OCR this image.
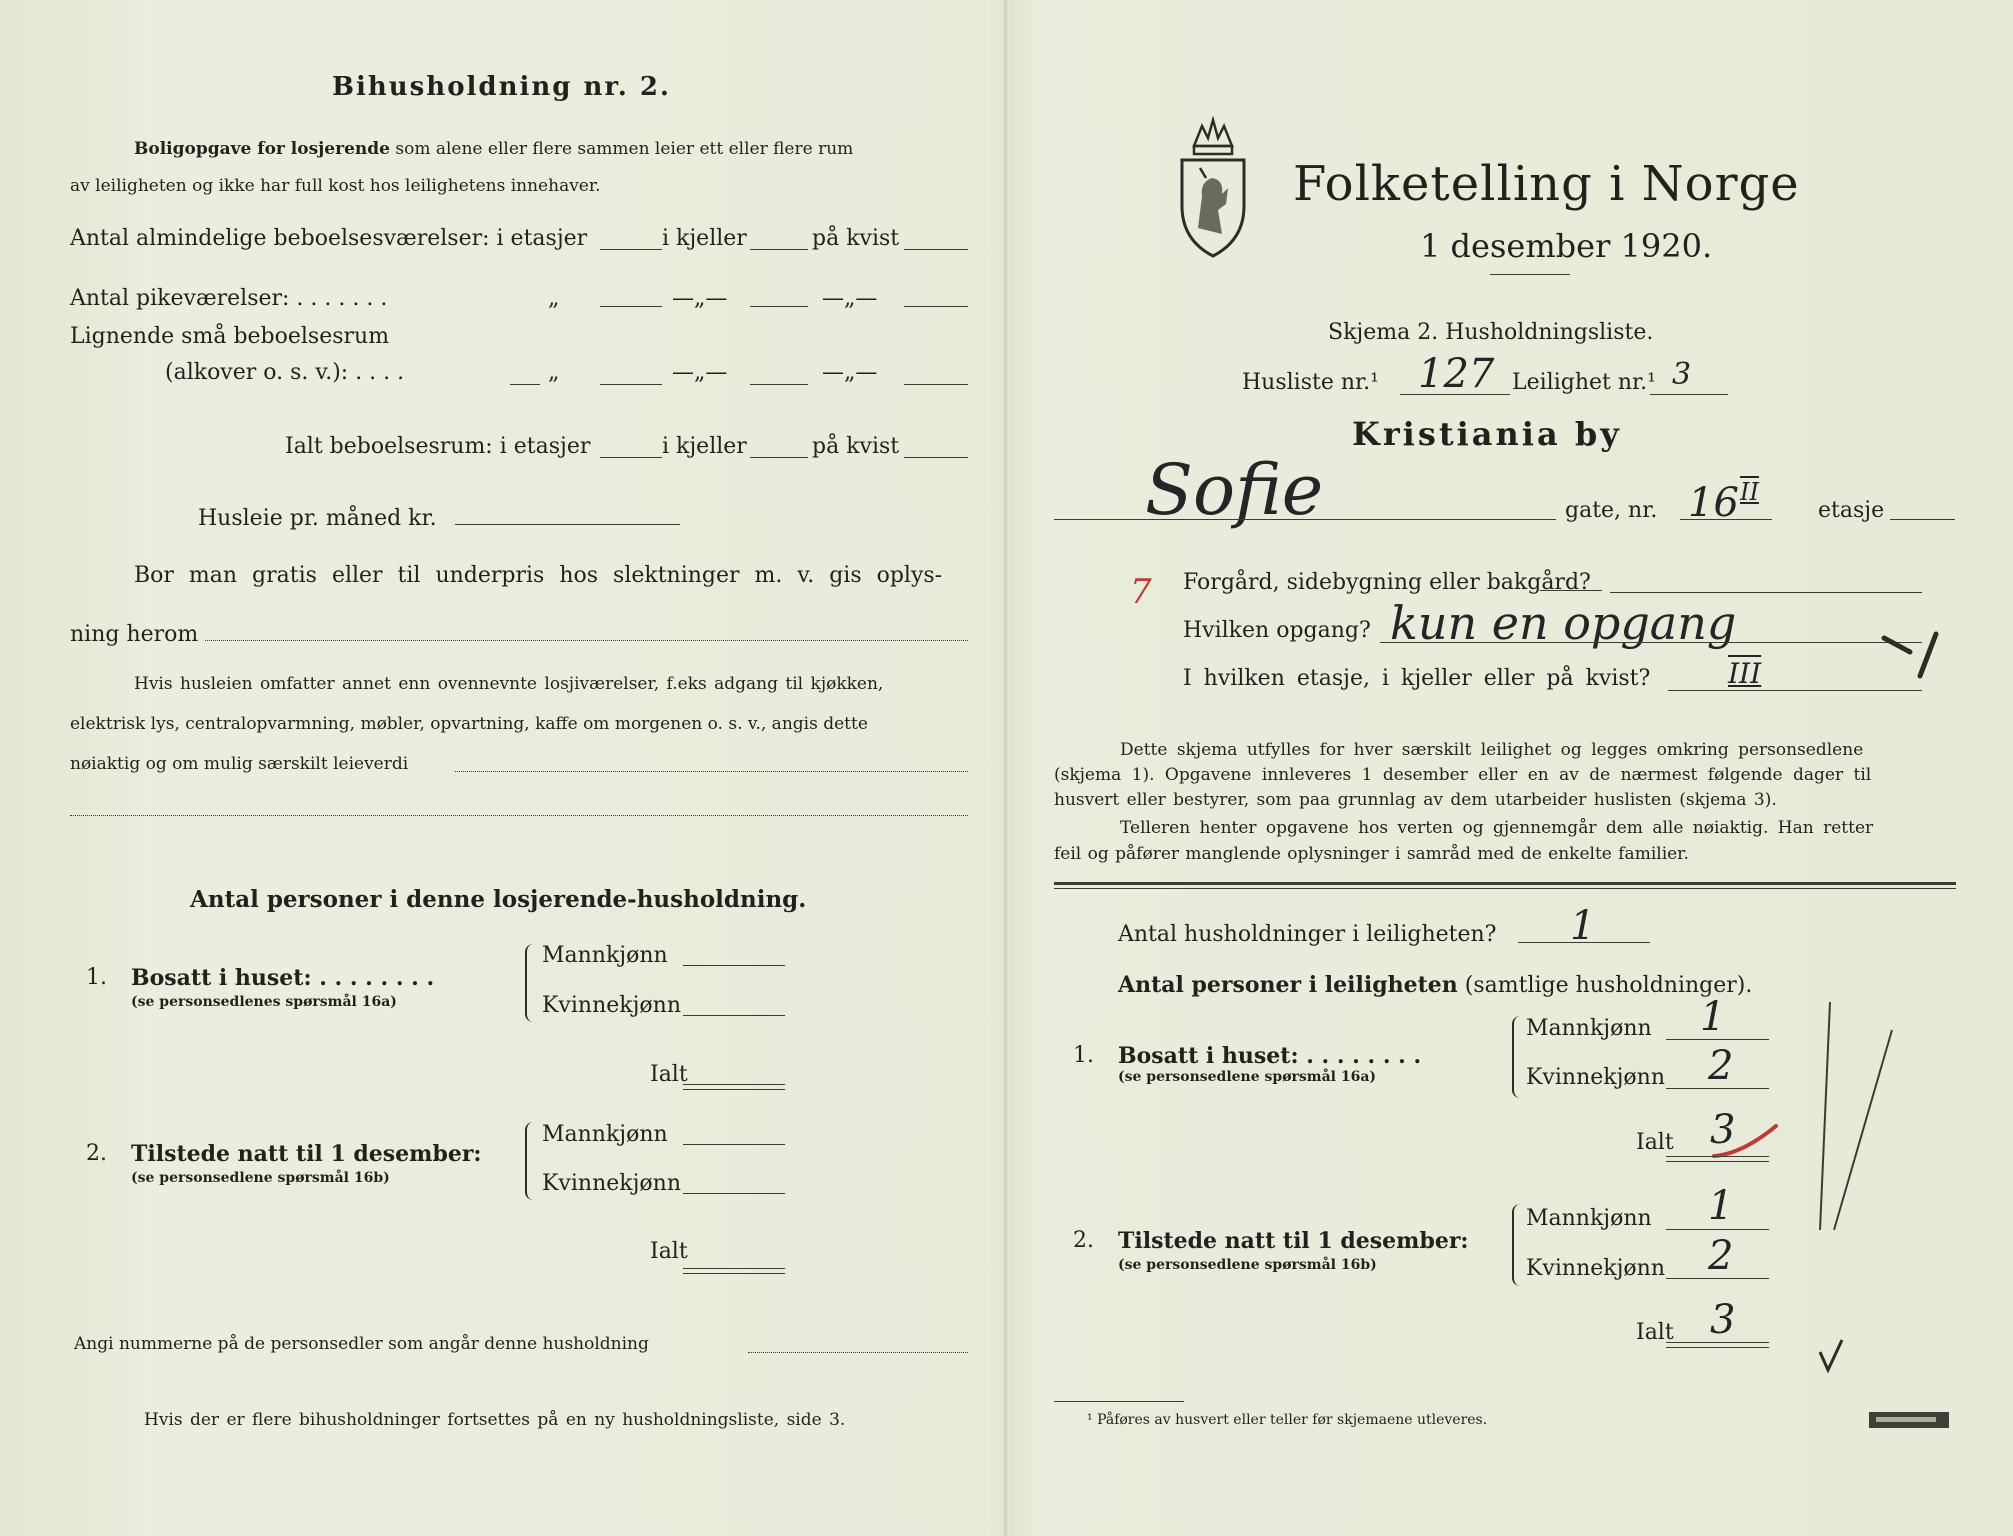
Bihusholdning nr. 2.
Boligopgave for losjerende som alene eller flere sammen leier ett eller flere rum
av leiligheten og ikke har full kost hos leilighetens innehaver.
Antal almindelige beboelsesværelser: i etasjer	i kjeller	på kvist
Antal pikeværelser: . . . . . . .	„	—„—	—„—
Lignende små beboelsesrum
(alkover o. s. v.): . . . .	„	—„—	—„—
Ialt beboelsesrum: i etasjer	i kjeller	på kvist
Husleie pr. måned kr.
Bor man gratis eller til underpris hos slektninger m. v. gis oplys-
ning herom
Hvis husleien omfatter annet enn ovennevnte losjiværelser, f.eks adgang til kjøkken,
elektrisk lys, centralopvarmning, møbler, opvartning, kaffe om morgenen o. s. v., angis dette
nøiaktig og om mulig særskilt leieverdi
Antal personer i denne losjerende-husholdning.
1. Bosatt i huset: . . . . . . . .
(se personsedlenes spørsmål 16a)
Mannkjønn
Kvinnekjønn
Ialt
2. Tilstede natt til 1 desember:
(se personsedlene spørsmål 16b)
Mannkjønn
Kvinnekjønn
Ialt
Angi nummerne på de personsedler som angår denne husholdning
Hvis der er flere bihusholdninger fortsettes på en ny husholdningsliste, side 3.
Folketelling i Norge
1 desember 1920.
Skjema 2. Husholdningsliste.
Husliste nr.¹ 127 Leilighet nr.¹ 3
Kristiania by
Sofie	gate, nr. 16 II
etasje
7 Forgård, sidebygning eller bakgård?
Hvilken opgang? kun en opgang
I hvilken etasje, i kjeller eller på kvist?	III
Dette skjema utfylles for hver særskilt leilighet og legges omkring personsedlene
(skjema 1). Opgavene innleveres 1 desember eller en av de nærmest følgende dager til
husvert eller bestyrer, som paa grunnlag av dem utarbeider huslisten (skjema 3).
Telleren henter opgavene hos verten og gjennemgår dem alle nøiaktig. Han retter
feil og påfører manglende oplysninger i samråd med de enkelte familier.
Antal husholdninger i leiligheten? 1
Antal personer i leiligheten (samtlige husholdninger).
1. Bosatt i huset: . . . . . . . .
(se personsedlene spørsmål 16a)
Mannkjønn 1
Kvinnekjønn 2
Ialt 3
2. Tilstede natt til 1 desember:
(se personsedlene spørsmål 16b)
Mannkjønn 1
Kvinnekjønn 2
Ialt 3
¹ Påføres av husvert eller teller før skjemaene utleveres.
